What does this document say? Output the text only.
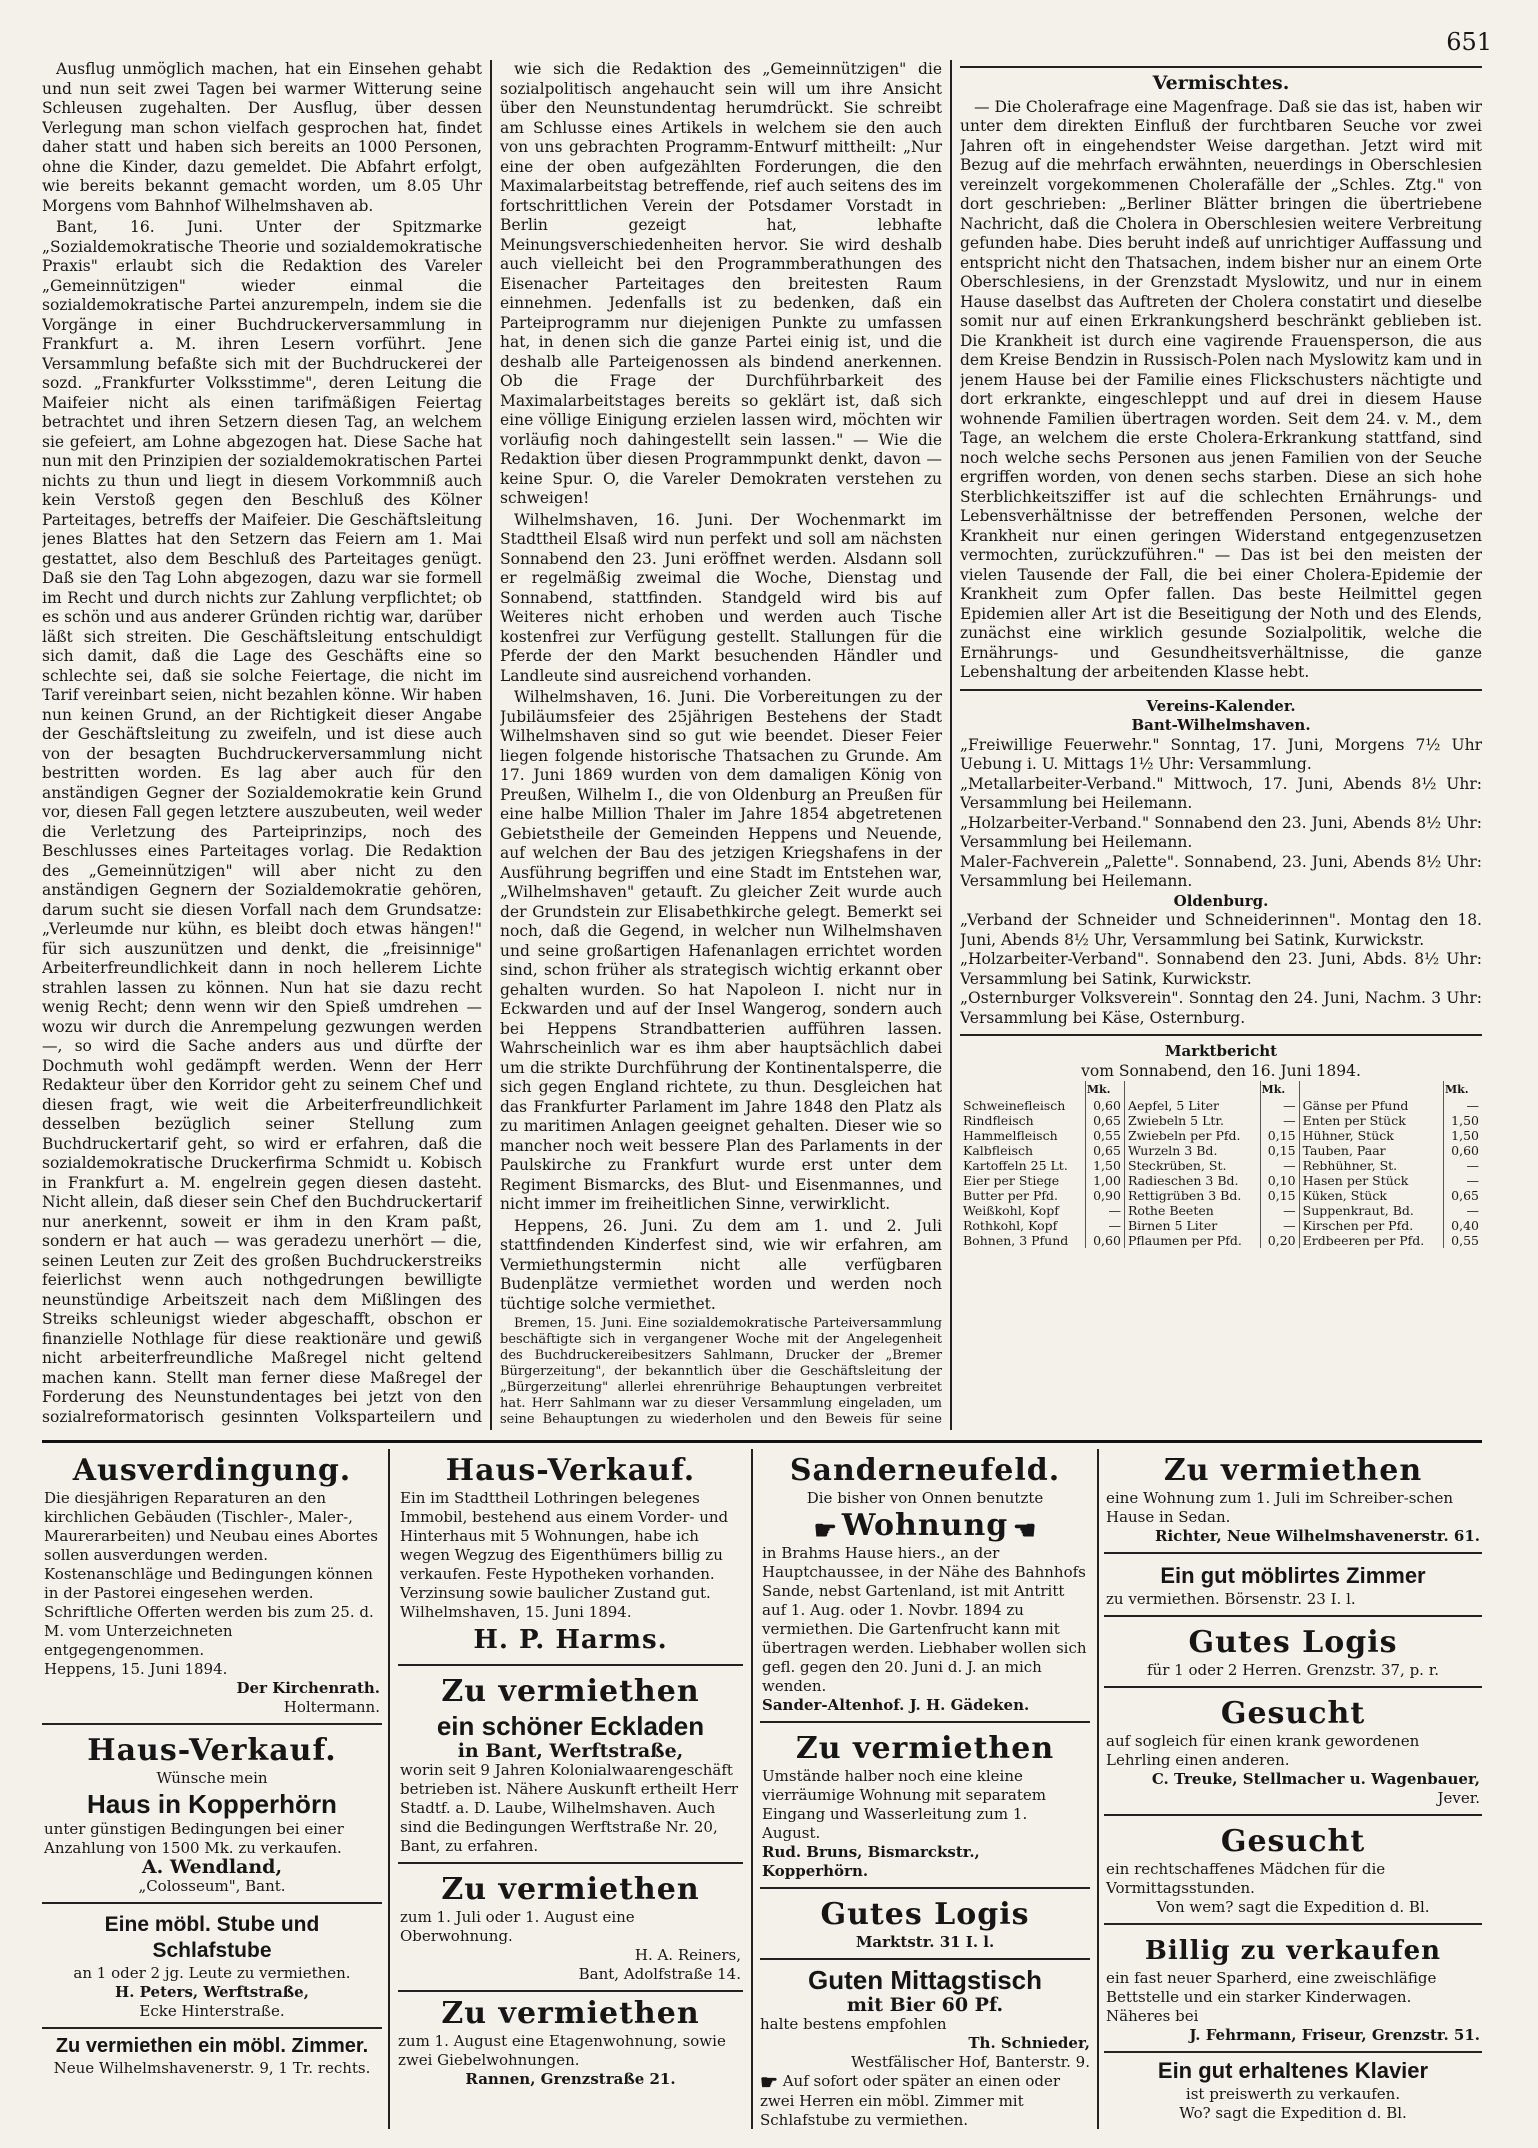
651

Ausflug unmöglich machen, hat ein Einsehen gehabt und nun seit zwei Tagen bei warmer Witterung seine Schleusen zugehalten. Der Ausflug, über dessen Verlegung man schon vielfach gesprochen hat, findet daher statt und haben sich bereits an 1000 Personen, ohne die Kinder, dazu gemeldet. Die Abfahrt erfolgt, wie bereits bekannt gemacht worden, um 8.05 Uhr Morgens vom Bahnhof Wilhelmshaven ab.

Bant, 16. Juni. Unter der Spitzmarke „Sozialdemokratische Theorie und sozialdemokratische Praxis" erlaubt sich die Redaktion des Vareler „Gemeinnützigen" wieder einmal die sozialdemokratische Partei anzurempeln, indem sie die Vorgänge in einer Buchdruckerversammlung in Frankfurt a. M. ihren Lesern vorführt. Jene Versammlung befaßte sich mit der Buchdruckerei der sozd. „Frankfurter Volksstimme", deren Leitung die Maifeier nicht als einen tarifmäßigen Feiertag betrachtet und ihren Setzern diesen Tag, an welchem sie gefeiert, am Lohne abgezogen hat. Diese Sache hat nun mit den Prinzipien der sozialdemokratischen Partei nichts zu thun und liegt in diesem Vorkommniß auch kein Verstoß gegen den Beschluß des Kölner Parteitages, betreffs der Maifeier. Die Geschäftsleitung jenes Blattes hat den Setzern das Feiern am 1. Mai gestattet, also dem Beschluß des Parteitages genügt. Daß sie den Tag Lohn abgezogen, dazu war sie formell im Recht und durch nichts zur Zahlung verpflichtet; ob es schön und aus anderer Gründen richtig war, darüber läßt sich streiten. Die Geschäftsleitung entschuldigt sich damit, daß die Lage des Geschäfts eine so schlechte sei, daß sie solche Feiertage, die nicht im Tarif vereinbart seien, nicht bezahlen könne. Wir haben nun keinen Grund, an der Richtigkeit dieser Angabe der Geschäftsleitung zu zweifeln, und ist diese auch von der besagten Buchdruckerversammlung nicht bestritten worden. Es lag aber auch für den anständigen Gegner der Sozialdemokratie kein Grund vor, diesen Fall gegen letztere auszubeuten, weil weder die Verletzung des Parteiprinzips, noch des Beschlusses eines Parteitages vorlag. Die Redaktion des „Gemeinnützigen" will aber nicht zu den anständigen Gegnern der Sozialdemokratie gehören, darum sucht sie diesen Vorfall nach dem Grundsatze: „Verleumde nur kühn, es bleibt doch etwas hängen!" für sich auszunützen und denkt, die „freisinnige" Arbeiterfreundlichkeit dann in noch hellerem Lichte strahlen lassen zu können. Nun hat sie dazu recht wenig Recht; denn wenn wir den Spieß umdrehen — wozu wir durch die Anrempelung gezwungen werden —, so wird die Sache anders aus und dürfte der Dochmuth wohl gedämpft werden. Wenn der Herr Redakteur über den Korridor geht zu seinem Chef und diesen fragt, wie weit die Arbeiterfreundlichkeit desselben bezüglich seiner Stellung zum Buchdruckertarif geht, so wird er erfahren, daß die sozialdemokratische Druckerfirma Schmidt u. Kobisch in Frankfurt a. M. engelrein gegen diesen dasteht. Nicht allein, daß dieser sein Chef den Buchdruckertarif nur anerkennt, soweit er ihm in den Kram paßt, sondern er hat auch — was geradezu unerhört — die, seinen Leuten zur Zeit des großen Buchdruckerstreiks feierlichst wenn auch nothgedrungen bewilligte neunstündige Arbeitszeit nach dem Mißlingen des Streiks schleunigst wieder abgeschafft, obschon er finanzielle Nothlage für diese reaktionäre und gewiß nicht arbeiterfreundliche Maßregel nicht geltend machen kann. Stellt man ferner diese Maßregel der Forderung des Neunstundentages bei jetzt von den sozialreformatorisch gesinnten Volksparteilern und

wie sich die Redaktion des „Gemeinnützigen" die sozialpolitisch angehaucht sein will um ihre Ansicht über den Neunstundentag herumdrückt. Sie schreibt am Schlusse eines Artikels in welchem sie den auch von uns gebrachten Programm-Entwurf mittheilt: „Nur eine der oben aufgezählten Forderungen, die den Maximalarbeitstag betreffende, rief auch seitens des im fortschrittlichen Verein der Potsdamer Vorstadt in Berlin gezeigt hat, lebhafte Meinungsverschiedenheiten hervor. Sie wird deshalb auch vielleicht bei den Programmberathungen des Eisenacher Parteitages den breitesten Raum einnehmen. Jedenfalls ist zu bedenken, daß ein Parteiprogramm nur diejenigen Punkte zu umfassen hat, in denen sich die ganze Partei einig ist, und die deshalb alle Parteigenossen als bindend anerkennen. Ob die Frage der Durchführbarkeit des Maximalarbeitstages bereits so geklärt ist, daß sich eine völlige Einigung erzielen lassen wird, möchten wir vorläufig noch dahingestellt sein lassen." — Wie die Redaktion über diesen Programmpunkt denkt, davon — keine Spur. O, die Vareler Demokraten verstehen zu schweigen!

Wilhelmshaven, 16. Juni. Der Wochenmarkt im Stadttheil Elsaß wird nun perfekt und soll am nächsten Sonnabend den 23. Juni eröffnet werden. Alsdann soll er regelmäßig zweimal die Woche, Dienstag und Sonnabend, stattfinden. Standgeld wird bis auf Weiteres nicht erhoben und werden auch Tische kostenfrei zur Verfügung gestellt. Stallungen für die Pferde der den Markt besuchenden Händler und Landleute sind ausreichend vorhanden.

Wilhelmshaven, 16. Juni. Die Vorbereitungen zu der Jubiläumsfeier des 25jährigen Bestehens der Stadt Wilhelmshaven sind so gut wie beendet. Dieser Feier liegen folgende historische Thatsachen zu Grunde. Am 17. Juni 1869 wurden von dem damaligen König von Preußen, Wilhelm I., die von Oldenburg an Preußen für eine halbe Million Thaler im Jahre 1854 abgetretenen Gebietstheile der Gemeinden Heppens und Neuende, auf welchen der Bau des jetzigen Kriegshafens in der Ausführung begriffen und eine Stadt im Entstehen war, „Wilhelmshaven" getauft. Zu gleicher Zeit wurde auch der Grundstein zur Elisabethkirche gelegt. Bemerkt sei noch, daß die Gegend, in welcher nun Wilhelmshaven und seine großartigen Hafenanlagen errichtet worden sind, schon früher als strategisch wichtig erkannt ober gehalten wurden. So hat Napoleon I. nicht nur in Eckwarden und auf der Insel Wangerog, sondern auch bei Heppens Strandbatterien aufführen lassen. Wahrscheinlich war es ihm aber hauptsächlich dabei um die strikte Durchführung der Kontinentalsperre, die sich gegen England richtete, zu thun. Desgleichen hat das Frankfurter Parlament im Jahre 1848 den Platz als zu maritimen Anlagen geeignet gehalten. Dieser wie so mancher noch weit bessere Plan des Parlaments in der Paulskirche zu Frankfurt wurde erst unter dem Regiment Bismarcks, des Blut- und Eisenmannes, und nicht immer im freiheitlichen Sinne, verwirklicht.

Heppens, 26. Juni. Zu dem am 1. und 2. Juli stattfindenden Kinderfest sind, wie wir erfahren, am Vermiethungstermin nicht alle verfügbaren Budenplätze vermiethet worden und werden noch tüchtige solche vermiethet.

Bremen, 15. Juni. Eine sozialdemokratische Parteiversammlung beschäftigte sich in vergangener Woche mit der Angelegenheit des Buchdruckereibesitzers Sahlmann, Drucker der „Bremer Bürgerzeitung", der bekanntlich über die Geschäftsleitung der „Bürgerzeitung" allerlei ehrenrührige Behauptungen verbreitet hat. Herr Sahlmann war zu dieser Versammlung eingeladen, um seine Behauptungen zu wiederholen und den Beweis für seine

Vermischtes.

— Die Cholerafrage eine Magenfrage. Daß sie das ist, haben wir unter dem direkten Einfluß der furchtbaren Seuche vor zwei Jahren oft in eingehendster Weise dargethan. Jetzt wird mit Bezug auf die mehrfach erwähnten, neuerdings in Oberschlesien vereinzelt vorgekommenen Cholerafälle der „Schles. Ztg." von dort geschrieben: „Berliner Blätter bringen die übertriebene Nachricht, daß die Cholera in Oberschlesien weitere Verbreitung gefunden habe. Dies beruht indeß auf unrichtiger Auffassung und entspricht nicht den Thatsachen, indem bisher nur an einem Orte Oberschlesiens, in der Grenzstadt Myslowitz, und nur in einem Hause daselbst das Auftreten der Cholera constatirt und dieselbe somit nur auf einen Erkrankungsherd beschränkt geblieben ist. Die Krankheit ist durch eine vagirende Frauensperson, die aus dem Kreise Bendzin in Russisch-Polen nach Myslowitz kam und in jenem Hause bei der Familie eines Flickschusters nächtigte und dort erkrankte, eingeschleppt und auf drei in diesem Hause wohnende Familien übertragen worden. Seit dem 24. v. M., dem Tage, an welchem die erste Cholera-Erkrankung stattfand, sind noch welche sechs Personen aus jenen Familien von der Seuche ergriffen worden, von denen sechs starben. Diese an sich hohe Sterblichkeitsziffer ist auf die schlechten Ernährungs- und Lebensverhältnisse der betreffenden Personen, welche der Krankheit nur einen geringen Widerstand entgegenzusetzen vermochten, zurückzuführen." — Das ist bei den meisten der vielen Tausende der Fall, die bei einer Cholera-Epidemie der Krankheit zum Opfer fallen. Das beste Heilmittel gegen Epidemien aller Art ist die Beseitigung der Noth und des Elends, zunächst eine wirklich gesunde Sozialpolitik, welche die Ernährungs- und Gesundheitsverhältnisse, die ganze Lebenshaltung der arbeitenden Klasse hebt.

Vereins-Kalender.
Bant-Wilhelmshaven.
„Freiwillige Feuerwehr." Sonntag, 17. Juni, Morgens 7½ Uhr Uebung i. U. Mittags 1½ Uhr: Versammlung.
„Metallarbeiter-Verband." Mittwoch, 17. Juni, Abends 8½ Uhr: Versammlung bei Heilemann.
„Holzarbeiter-Verband." Sonnabend den 23. Juni, Abends 8½ Uhr: Versammlung bei Heilemann.
Maler-Fachverein „Palette". Sonnabend, 23. Juni, Abends 8½ Uhr: Versammlung bei Heilemann.
Oldenburg.
„Verband der Schneider und Schneiderinnen". Montag den 18. Juni, Abends 8½ Uhr, Versammlung bei Satink, Kurwickstr.
„Holzarbeiter-Verband". Sonnabend den 23. Juni, Abds. 8½ Uhr: Versammlung bei Satink, Kurwickstr.
„Osternburger Volksverein". Sonntag den 24. Juni, Nachm. 3 Uhr: Versammlung bei Käse, Osternburg.
Marktbericht
vom Sonnabend, den 16. Juni 1894.
	Mk.		Mk.		Mk.
Schweinefleisch	0,60	Aepfel, 5 Liter	—	Gänse per Pfund	—
Rindfleisch	0,65	Zwiebeln 5 Ltr.	—	Enten per Stück	1,50
Hammelfleisch	0,55	Zwiebeln per Pfd.	0,15	Hühner, Stück	1,50
Kalbfleisch	0,65	Wurzeln 3 Bd.	0,15	Tauben, Paar	0,60
Kartoffeln 25 Lt.	1,50	Steckrüben, St.	—	Rebhühner, St.	—
Eier per Stiege	1,00	Radieschen 3 Bd.	0,10	Hasen per Stück	—
Butter per Pfd.	0,90	Rettigrüben 3 Bd.	0,15	Küken, Stück	0,65
Weißkohl, Kopf	—	Rothe Beeten	—	Suppenkraut, Bd.	—
Rothkohl, Kopf	—	Birnen 5 Liter	—	Kirschen per Pfd.	0,40
Bohnen, 3 Pfund	0,60	Pflaumen per Pfd.	0,20	Erdbeeren per Pfd.	0,55
Ausverdingung.
Die diesjährigen Reparaturen an den kirchlichen Gebäuden (Tischler-, Maler-, Maurerarbeiten) und Neubau eines Abortes sollen ausverdungen werden. Kostenanschläge und Bedingungen können in der Pastorei eingesehen werden. Schriftliche Offerten werden bis zum 25. d. M. vom Unterzeichneten entgegengenommen.
Heppens, 15. Juni 1894.
Der Kirchenrath.
Holtermann.
Haus-Verkauf.
Wünsche mein
Haus in Kopperhörn
unter günstigen Bedingungen bei einer Anzahlung von 1500 Mk. zu verkaufen.
A. Wendland,
„Colosseum", Bant.
Eine möbl. Stube und Schlafstube
an 1 oder 2 jg. Leute zu vermiethen.
H. Peters, Werftstraße,
Ecke Hinterstraße.
Zu vermiethen ein möbl. Zimmer.
Neue Wilhelmshavenerstr. 9, 1 Tr. rechts.
Haus-Verkauf.
Ein im Stadttheil Lothringen belegenes Immobil, bestehend aus einem Vorder- und Hinterhaus mit 5 Wohnungen, habe ich wegen Wegzug des Eigenthümers billig zu verkaufen. Feste Hypotheken vorhanden. Verzinsung sowie baulicher Zustand gut.
Wilhelmshaven, 15. Juni 1894.
H. P. Harms.
Zu vermiethen
ein schöner Eckladen
in Bant, Werftstraße,
worin seit 9 Jahren Kolonialwaarengeschäft betrieben ist. Nähere Auskunft ertheilt Herr Stadtf. a. D. Laube, Wilhelmshaven. Auch sind die Bedingungen Werftstraße Nr. 20, Bant, zu erfahren.
Zu vermiethen
zum 1. Juli oder 1. August eine Oberwohnung.
H. A. Reiners,
Bant, Adolfstraße 14.
Zu vermiethen
zum 1. August eine Etagenwohnung, sowie zwei Giebelwohnungen.
Rannen, Grenzstraße 21.
Sanderneufeld.
Die bisher von Onnen benutzte
☛ Wohnung ☚
in Brahms Hause hiers., an der Hauptchaussee, in der Nähe des Bahnhofs Sande, nebst Gartenland, ist mit Antritt auf 1. Aug. oder 1. Novbr. 1894 zu vermiethen. Die Gartenfrucht kann mit übertragen werden. Liebhaber wollen sich gefl. gegen den 20. Juni d. J. an mich wenden.
Sander-Altenhof. J. H. Gädeken.
Zu vermiethen
Umstände halber noch eine kleine vierräumige Wohnung mit separatem Eingang und Wasserleitung zum 1. August.
Rud. Bruns, Bismarckstr., Kopperhörn.
Gutes Logis
Marktstr. 31 I. l.
Guten Mittagstisch
mit Bier 60 Pf.
halte bestens empfohlen
Th. Schnieder,
Westfälischer Hof, Banterstr. 9.
☛ Auf sofort oder später an einen oder zwei Herren ein möbl. Zimmer mit Schlafstube zu vermiethen.
Zu vermiethen
eine Wohnung zum 1. Juli im Schreiber-schen Hause in Sedan.
Richter, Neue Wilhelmshavenerstr. 61.
Ein gut möblirtes Zimmer
zu vermiethen. Börsenstr. 23 I. l.
Gutes Logis
für 1 oder 2 Herren. Grenzstr. 37, p. r.
Gesucht
auf sogleich für einen krank gewordenen Lehrling einen anderen.
C. Treuke, Stellmacher u. Wagenbauer,
Jever.
Gesucht
ein rechtschaffenes Mädchen für die Vormittagsstunden.
Von wem? sagt die Expedition d. Bl.
Billig zu verkaufen
ein fast neuer Sparherd, eine zweischläfige Bettstelle und ein starker Kinderwagen. Näheres bei
J. Fehrmann, Friseur, Grenzstr. 51.
Ein gut erhaltenes Klavier
ist preiswerth zu verkaufen.
Wo? sagt die Expedition d. Bl.
